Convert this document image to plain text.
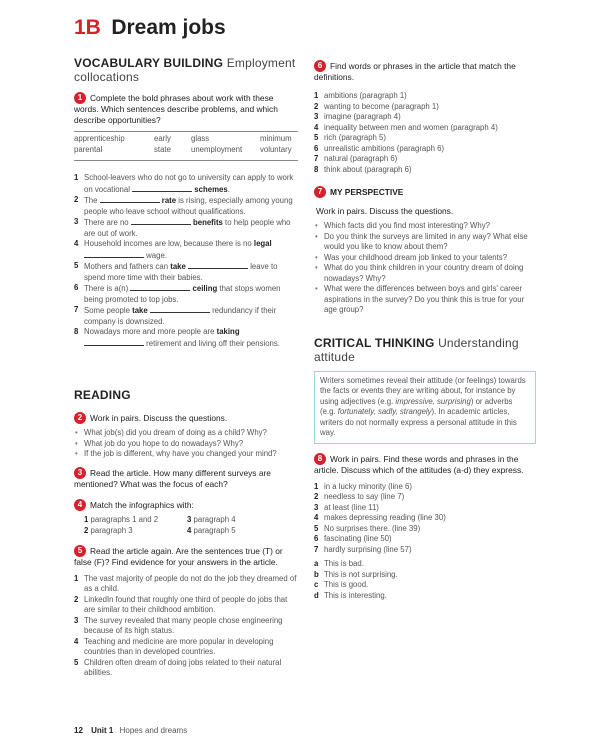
1B Dream jobs
VOCABULARY BUILDING Employment
collocations
1 Complete the bold phrases about work with these words. Which sentences describe problems, and which describe opportunities?
apprenticeship	early	glass	minimum
parental	state	unemployment voluntary
1 School-leavers who do not go to university can apply to work on vocational	schemes.
2 The	rate is rising, especially among young people who leave school without qualifications.
3 There are no	benefits to help people who are out of work.
4 Household incomes are low, because there is no legal  wage.
5 Mothers and fathers can take	leave to spend more time with their babies.
6 There is a(n)	ceiling that stops women being promoted to top jobs.
7 Some people take	redundancy if their company is downsized.
8 Nowadays more and more people are taking  retirement and living off their pensions.
READING
2 Work in pairs. Discuss the questions.
• What job(s) did you dream of doing as a child? Why?
• What job do you hope to do nowadays? Why?
• If the job is different, why have you changed your mind?
3 Read the article. How many different surveys are mentioned? What was the focus of each?
4 Match the infographics with:
1 paragraphs 1 and 2	3 paragraph 4
2 paragraph 3	4 paragraph 5
5 Read the article again. Are the sentences true (T) or false (F)? Find evidence for your answers in the article.
1 The vast majority of people do not do the job they dreamed of as a child.
2 LinkedIn found that roughly one third of people do jobs that are similar to their childhood ambition.
3 The survey revealed that many people chose engineering because of its high status.
4 Teaching and medicine are more popular in developing countries than in developed countries.
5 Children often dream of doing jobs related to their natural abilities.
6 Find words or phrases in the article that match the definitions.
1 ambitions (paragraph 1)
2 wanting to become (paragraph 1)
3 imagine (paragraph 4)
4 inequality between men and women (paragraph 4)
5 rich (paragraph 5)
6 unrealistic ambitions (paragraph 6)
7 natural (paragraph 6)
8 think about (paragraph 6)
7 MY PERSPECTIVE
Work in pairs. Discuss the questions.
• Which facts did you find most interesting? Why?
• Do you think the surveys are limited in any way? What else would you like to know about them?
• Was your childhood dream job linked to your talents?
• What do you think children in your country dream of doing nowadays? Why?
• What were the differences between boys and girls' career aspirations in the survey? Do you think this is true for your age group?
CRITICAL THINKING Understanding attitude
Writers sometimes reveal their attitude (or feelings) towards the facts or events they are writing about, for instance by using adjectives (e.g. impressive, surprising) or adverbs (e.g. fortunately, sadly, strangely). In academic articles, writers do not normally express a personal attitude in this way.
8 Work in pairs. Find these words and phrases in the article. Discuss which of the attitudes (a-d) they express.
1 in a lucky minority (line 6)
2 needless to say (line 7)
3 at least (line 11)
4 makes depressing reading (line 30)
5 No surprises there. (line 39)
6 fascinating (line 50)
7 hardly surprising (line 57)
a This is bad.
b This is not surprising.
c This is good.
d This is interesting.
12 Unit 1 Hopes and dreams
